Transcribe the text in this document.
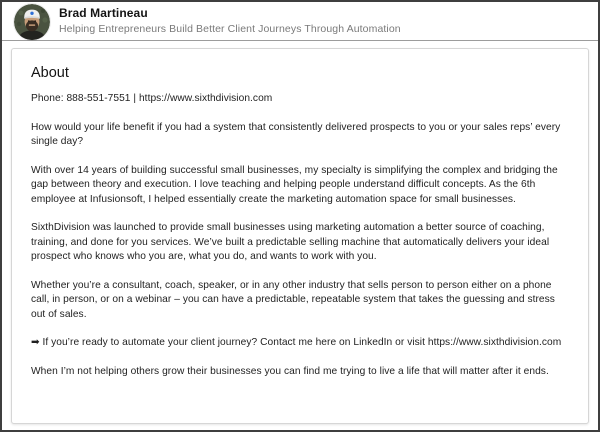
Brad Martineau
Helping Entrepreneurs Build Better Client Journeys Through Automation
About

Phone: 888-551-7551 | https://www.sixthdivision.com

How would your life benefit if you had a system that consistently delivered prospects to you or your sales reps’ every single day?

With over 14 years of building successful small businesses, my specialty is simplifying the complex and bridging the gap between theory and execution. I love teaching and helping people understand difficult concepts. As the 6th employee at Infusionsoft, I helped essentially create the marketing automation space for small businesses.

SixthDivision was launched to provide small businesses using marketing automation a better source of coaching, training, and done for you services. We’ve built a predictable selling machine that automatically delivers your ideal prospect who knows who you are, what you do, and wants to work with you.

Whether you’re a consultant, coach, speaker, or in any other industry that sells person to person either on a phone call, in person, or on a webinar – you can have a predictable, repeatable system that takes the guessing and stress out of sales.

➡ If you’re ready to automate your client journey? Contact me here on LinkedIn or visit https://www.sixthdivision.com

When I’m not helping others grow their businesses you can find me trying to live a life that will matter after it ends.
